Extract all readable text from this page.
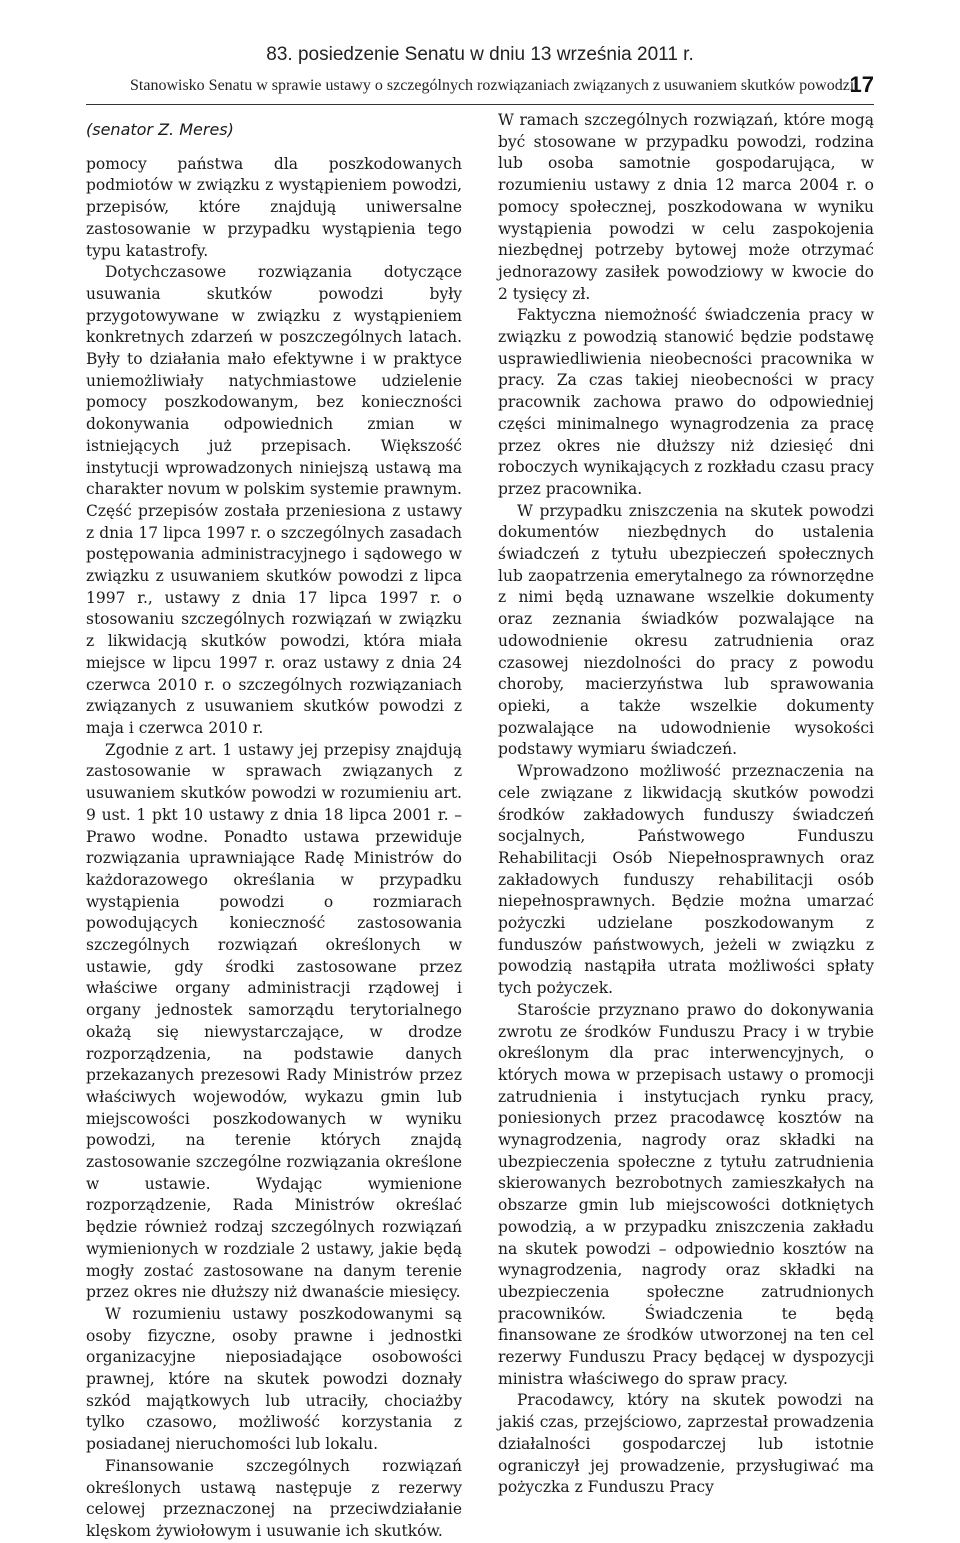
83. posiedzenie Senatu w dniu 13 września 2011 r.
Stanowisko Senatu w sprawie ustawy o szczególnych rozwiązaniach związanych z usuwaniem skutków powodzi
17
(senator Z. Meres)

pomocy państwa dla poszkodowanych podmiotów w związku z wystąpieniem powodzi, przepisów, które znajdują uniwersalne zastosowanie w przypadku wystąpienia tego typu katastrofy.

Dotychczasowe rozwiązania dotyczące usuwania skutków powodzi były przygotowywane w związku z wystąpieniem konkretnych zdarzeń w poszczególnych latach. Były to działania mało efektywne i w praktyce uniemożliwiały natychmiastowe udzielenie pomocy poszkodowanym, bez konieczności dokonywania odpowiednich zmian w istniejących już przepisach. Większość instytucji wprowadzonych niniejszą ustawą ma charakter novum w polskim systemie prawnym. Część przepisów została przeniesiona z ustawy z dnia 17 lipca 1997 r. o szczególnych zasadach postępowania administracyjnego i sądowego w związku z usuwaniem skutków powodzi z lipca 1997 r., ustawy z dnia 17 lipca 1997 r. o stosowaniu szczególnych rozwiązań w związku z likwidacją skutków powodzi, która miała miejsce w lipcu 1997 r. oraz ustawy z dnia 24 czerwca 2010 r. o szczególnych rozwiązaniach związanych z usuwaniem skutków powodzi z maja i czerwca 2010 r.

Zgodnie z art. 1 ustawy jej przepisy znajdują zastosowanie w sprawach związanych z usuwaniem skutków powodzi w rozumieniu art. 9 ust. 1 pkt 10 ustawy z dnia 18 lipca 2001 r. – Prawo wodne. Ponadto ustawa przewiduje rozwiązania uprawniające Radę Ministrów do każdorazowego określania w przypadku wystąpienia powodzi o rozmiarach powodujących konieczność zastosowania szczególnych rozwiązań określonych w ustawie, gdy środki zastosowane przez właściwe organy administracji rządowej i organy jednostek samorządu terytorialnego okażą się niewystarczające, w drodze rozporządzenia, na podstawie danych przekazanych prezesowi Rady Ministrów przez właściwych wojewodów, wykazu gmin lub miejscowości poszkodowanych w wyniku powodzi, na terenie których znajdą zastosowanie szczególne rozwiązania określone w ustawie. Wydając wymienione rozporządzenie, Rada Ministrów określać będzie również rodzaj szczególnych rozwiązań wymienionych w rozdziale 2 ustawy, jakie będą mogły zostać zastosowane na danym terenie przez okres nie dłuższy niż dwanaście miesięcy.

W rozumieniu ustawy poszkodowanymi są osoby fizyczne, osoby prawne i jednostki organizacyjne nieposiadające osobowości prawnej, które na skutek powodzi doznały szkód majątkowych lub utraciły, chociażby tylko czasowo, możliwość korzystania z posiadanej nieruchomości lub lokalu.

Finansowanie szczególnych rozwiązań określonych ustawą następuje z rezerwy celowej przeznaczonej na przeciwdziałanie klęskom żywiołowym i usuwanie ich skutków.

W ramach szczególnych rozwiązań, które mogą być stosowane w przypadku powodzi, rodzina lub osoba samotnie gospodarująca, w rozumieniu ustawy z dnia 12 marca 2004 r. o pomocy społecznej, poszkodowana w wyniku wystąpienia powodzi w celu zaspokojenia niezbędnej potrzeby bytowej może otrzymać jednorazowy zasiłek powodziowy w kwocie do 2 tysięcy zł.

Faktyczna niemożność świadczenia pracy w związku z powodzią stanowić będzie podstawę usprawiedliwienia nieobecności pracownika w pracy. Za czas takiej nieobecności w pracy pracownik zachowa prawo do odpowiedniej części minimalnego wynagrodzenia za pracę przez okres nie dłuższy niż dziesięć dni roboczych wynikających z rozkładu czasu pracy przez pracownika.

W przypadku zniszczenia na skutek powodzi dokumentów niezbędnych do ustalenia świadczeń z tytułu ubezpieczeń społecznych lub zaopatrzenia emerytalnego za równorzędne z nimi będą uznawane wszelkie dokumenty oraz zeznania świadków pozwalające na udowodnienie okresu zatrudnienia oraz czasowej niezdolności do pracy z powodu choroby, macierzyństwa lub sprawowania opieki, a także wszelkie dokumenty pozwalające na udowodnienie wysokości podstawy wymiaru świadczeń.

Wprowadzono możliwość przeznaczenia na cele związane z likwidacją skutków powodzi środków zakładowych funduszy świadczeń socjalnych, Państwowego Funduszu Rehabilitacji Osób Niepełnosprawnych oraz zakładowych funduszy rehabilitacji osób niepełnosprawnych. Będzie można umarzać pożyczki udzielane poszkodowanym z funduszów państwowych, jeżeli w związku z powodzią nastąpiła utrata możliwości spłaty tych pożyczek.

Staroście przyznano prawo do dokonywania zwrotu ze środków Funduszu Pracy i w trybie określonym dla prac interwencyjnych, o których mowa w przepisach ustawy o promocji zatrudnienia i instytucjach rynku pracy, poniesionych przez pracodawcę kosztów na wynagrodzenia, nagrody oraz składki na ubezpieczenia społeczne z tytułu zatrudnienia skierowanych bezrobotnych zamieszkałych na obszarze gmin lub miejscowości dotkniętych powodzią, a w przypadku zniszczenia zakładu na skutek powodzi – odpowiednio kosztów na wynagrodzenia, nagrody oraz składki na ubezpieczenia społeczne zatrudnionych pracowników. Świadczenia te będą finansowane ze środków utworzonej na ten cel rezerwy Funduszu Pracy będącej w dyspozycji ministra właściwego do spraw pracy.

Pracodawcy, który na skutek powodzi na jakiś czas, przejściowo, zaprzestał prowadzenia działalności gospodarczej lub istotnie ograniczył jej prowadzenie, przysługiwać ma pożyczka z Funduszu Pracy
